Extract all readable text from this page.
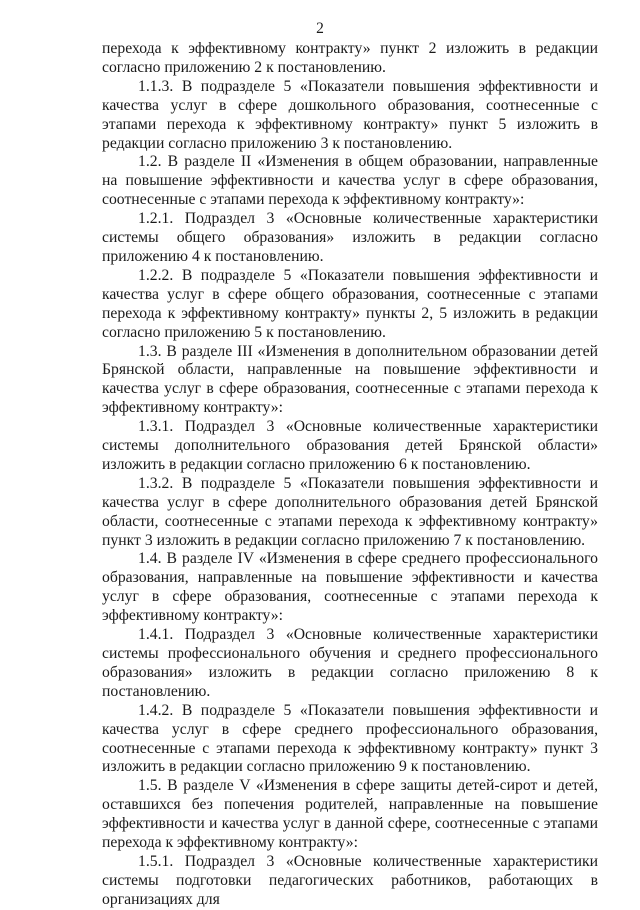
2

перехода к эффективному контракту» пункт 2 изложить в редакции согласно приложению 2 к постановлению.

1.1.3. В подразделе 5 «Показатели повышения эффективности и качества услуг в сфере дошкольного образования, соотнесенные с этапами перехода к эффективному контракту» пункт 5 изложить в редакции согласно приложению 3 к постановлению.

1.2. В разделе II «Изменения в общем образовании, направленные на повышение эффективности и качества услуг в сфере образования, соотнесенные с этапами перехода к эффективному контракту»:

1.2.1. Подраздел 3 «Основные количественные характеристики системы общего образования» изложить в редакции согласно приложению 4 к постановлению.

1.2.2. В подразделе 5 «Показатели повышения эффективности и качества услуг в сфере общего образования, соотнесенные с этапами перехода к эффективному контракту» пункты 2, 5 изложить в редакции согласно приложению 5 к постановлению.

1.3. В разделе III «Изменения в дополнительном образовании детей Брянской области, направленные на повышение эффективности и качества услуг в сфере образования, соотнесенные с этапами перехода к эффективному контракту»:

1.3.1. Подраздел 3 «Основные количественные характеристики системы дополнительного образования детей Брянской области» изложить в редакции согласно приложению 6 к постановлению.

1.3.2. В подразделе 5 «Показатели повышения эффективности и качества услуг в сфере дополнительного образования детей Брянской области, соотнесенные с этапами перехода к эффективному контракту» пункт 3 изложить в редакции согласно приложению 7 к постановлению.

1.4. В разделе IV «Изменения в сфере среднего профессионального образования, направленные на повышение эффективности и качества услуг в сфере образования, соотнесенные с этапами перехода к эффективному контракту»:

1.4.1. Подраздел 3 «Основные количественные характеристики системы профессионального обучения и среднего профессионального образования» изложить в редакции согласно приложению 8 к постановлению.

1.4.2. В подразделе 5 «Показатели повышения эффективности и качества услуг в сфере среднего профессионального образования, соотнесенные с этапами перехода к эффективному контракту» пункт 3 изложить в редакции согласно приложению 9 к постановлению.

1.5. В разделе V «Изменения в сфере защиты детей-сирот и детей, оставшихся без попечения родителей, направленные на повышение эффективности и качества услуг в данной сфере, соотнесенные с этапами перехода к эффективному контракту»:

1.5.1. Подраздел 3 «Основные количественные характеристики системы подготовки педагогических работников, работающих в организациях для
